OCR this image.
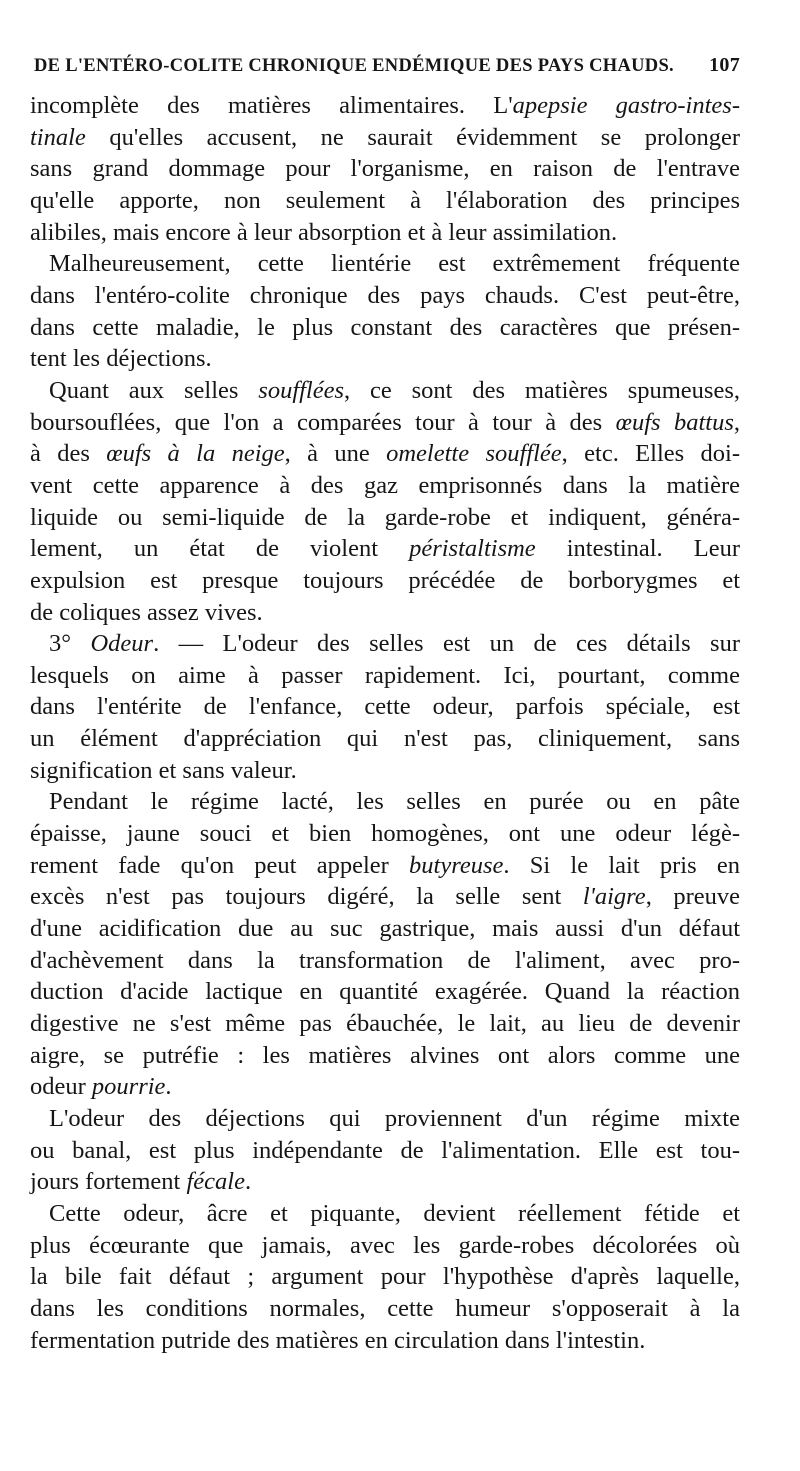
DE L'ENTÉRO-COLITE CHRONIQUE ENDÉMIQUE DES PAYS CHAUDS. 107
incomplète des matières alimentaires. L'apepsie gastro-intes-
tinale qu'elles accusent, ne saurait évidemment se prolonger
sans grand dommage pour l'organisme, en raison de l'entrave
qu'elle apporte, non seulement à l'élaboration des principes
alibiles, mais encore à leur absorption et à leur assimilation.
Malheureusement, cette lientérie est extrêmement fréquente
dans l'entéro-colite chronique des pays chauds. C'est peut-être,
dans cette maladie, le plus constant des caractères que présen-
tent les déjections.
Quant aux selles soufflées, ce sont des matières spumeuses,
boursouflées, que l'on a comparées tour à tour à des œufs battus,
à des œufs à la neige, à une omelette soufflée, etc. Elles doi-
vent cette apparence à des gaz emprisonnés dans la matière
liquide ou semi-liquide de la garde-robe et indiquent, généra-
lement, un état de violent péristaltisme intestinal. Leur
expulsion est presque toujours précédée de borborygmes et
de coliques assez vives.
3° Odeur. — L'odeur des selles est un de ces détails sur
lesquels on aime à passer rapidement. Ici, pourtant, comme
dans l'entérite de l'enfance, cette odeur, parfois spéciale, est
un élément d'appréciation qui n'est pas, cliniquement, sans
signification et sans valeur.
Pendant le régime lacté, les selles en purée ou en pâte
épaisse, jaune souci et bien homogènes, ont une odeur légè-
rement fade qu'on peut appeler butyreuse. Si le lait pris en
excès n'est pas toujours digéré, la selle sent l'aigre, preuve
d'une acidification due au suc gastrique, mais aussi d'un défaut
d'achèvement dans la transformation de l'aliment, avec pro-
duction d'acide lactique en quantité exagérée. Quand la réaction
digestive ne s'est même pas ébauchée, le lait, au lieu de devenir
aigre, se putréfie : les matières alvines ont alors comme une
odeur pourrie.
L'odeur des déjections qui proviennent d'un régime mixte
ou banal, est plus indépendante de l'alimentation. Elle est tou-
jours fortement fécale.
Cette odeur, âcre et piquante, devient réellement fétide et
plus écœurante que jamais, avec les garde-robes décolorées où
la bile fait défaut ; argument pour l'hypothèse d'après laquelle,
dans les conditions normales, cette humeur s'opposerait à la
fermentation putride des matières en circulation dans l'intestin.
